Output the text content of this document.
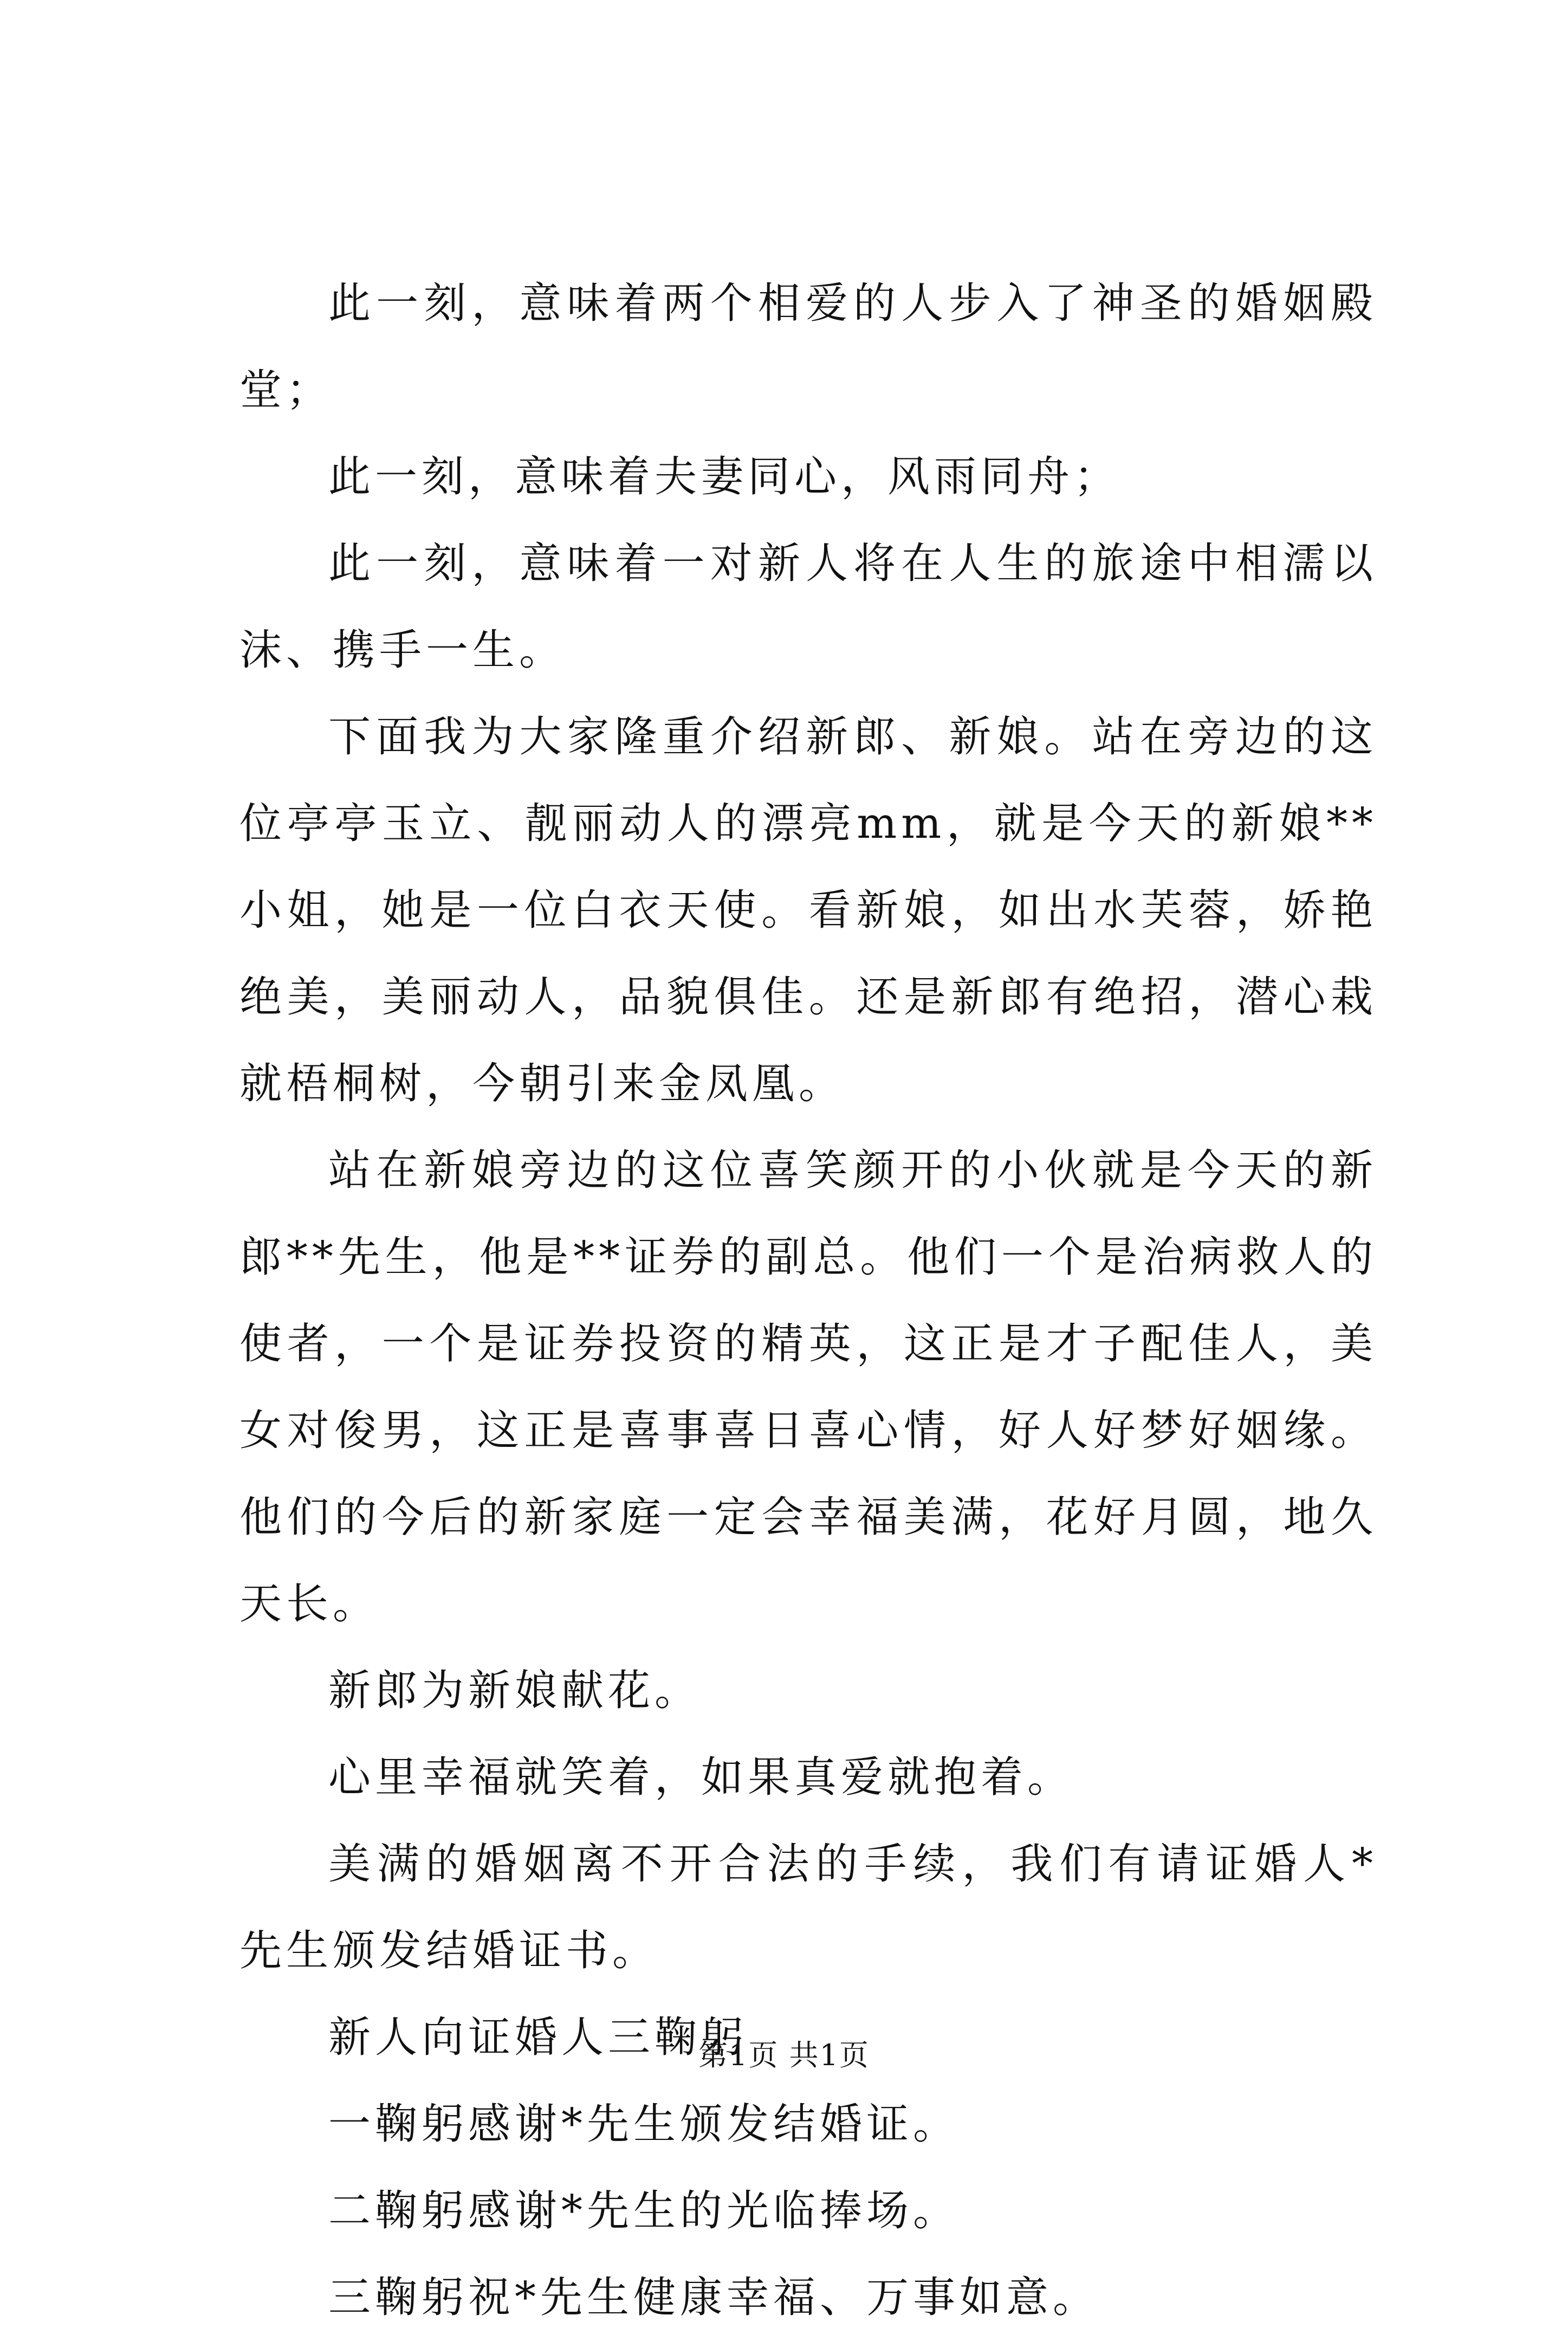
此一刻，意味着两个相爱的人步入了神圣的婚姻殿堂；

此一刻，意味着夫妻同心，风雨同舟；

此一刻，意味着一对新人将在人生的旅途中相濡以沫、携手一生。

下面我为大家隆重介绍新郎、新娘。站在旁边的这位亭亭玉立、靓丽动人的漂亮mm，就是今天的新娘**小姐，她是一位白衣天使。看新娘，如出水芙蓉，娇艳绝美，美丽动人，品貌俱佳。还是新郎有绝招，潜心栽就梧桐树，今朝引来金凤凰。

站在新娘旁边的这位喜笑颜开的小伙就是今天的新郎**先生，他是**证券的副总。他们一个是治病救人的使者，一个是证券投资的精英，这正是才子配佳人，美女对俊男，这正是喜事喜日喜心情，好人好梦好姻缘。他们的今后的新家庭一定会幸福美满，花好月圆，地久天长。

新郎为新娘献花。

心里幸福就笑着，如果真爱就抱着。

美满的婚姻离不开合法的手续，我们有请证婚人*先生颁发结婚证书。

新人向证婚人三鞠躬

一鞠躬感谢*先生颁发结婚证。

二鞠躬感谢*先生的光临捧场。

三鞠躬祝*先生健康幸福、万事如意。

第1页 共1页
